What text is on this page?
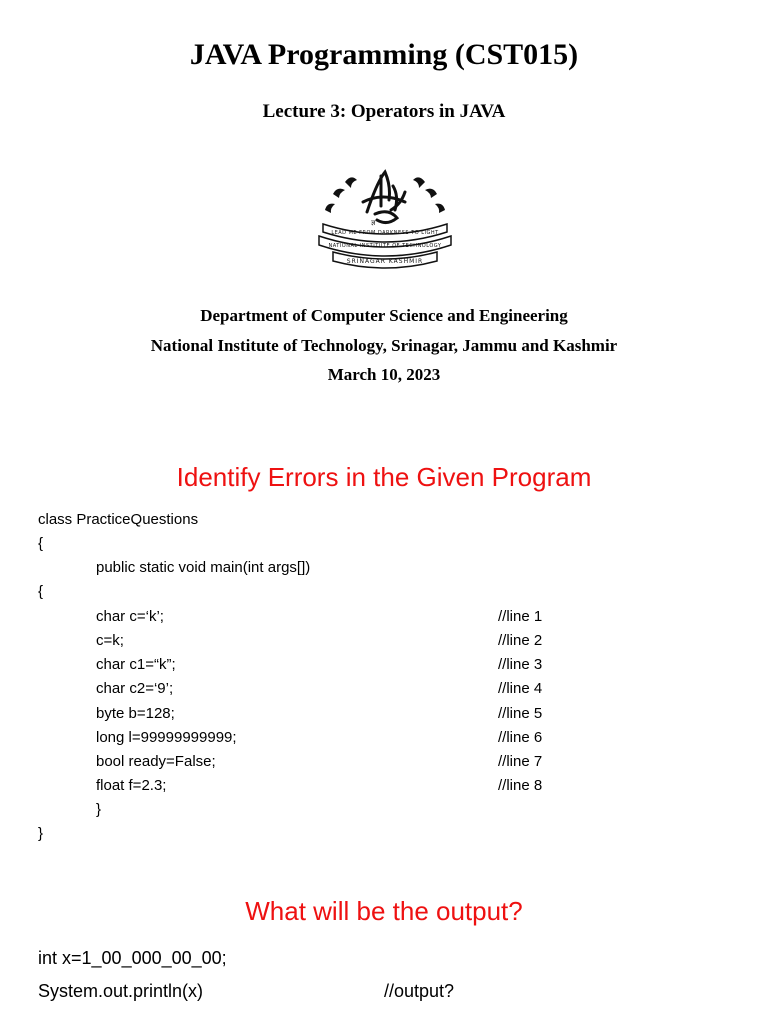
JAVA Programming (CST015)
Lecture 3: Operators in JAVA
ज्ञ
LEAD ME FROM DARKNESS TO LIGHT
NATIONAL INSTITUTE OF TECHNOLOGY
SRINAGAR KASHMIR
Department of Computer Science and Engineering
National Institute of Technology, Srinagar, Jammu and Kashmir
March 10, 2023
Identify Errors in the Given Program
class PracticeQuestions
{
public static void main(int args[])
{
char c=‘k’;	//line 1
c=k;	//line 2
char c1=“k”;	//line 3
char c2=‘9’;	//line 4
byte b=128;	//line 5
long l=99999999999;	//line 6
bool ready=False;	//line 7
float f=2.3;	//line 8
}
}
What will be the output?
int x=1_00_000_00_00;
System.out.println(x)	//output?
